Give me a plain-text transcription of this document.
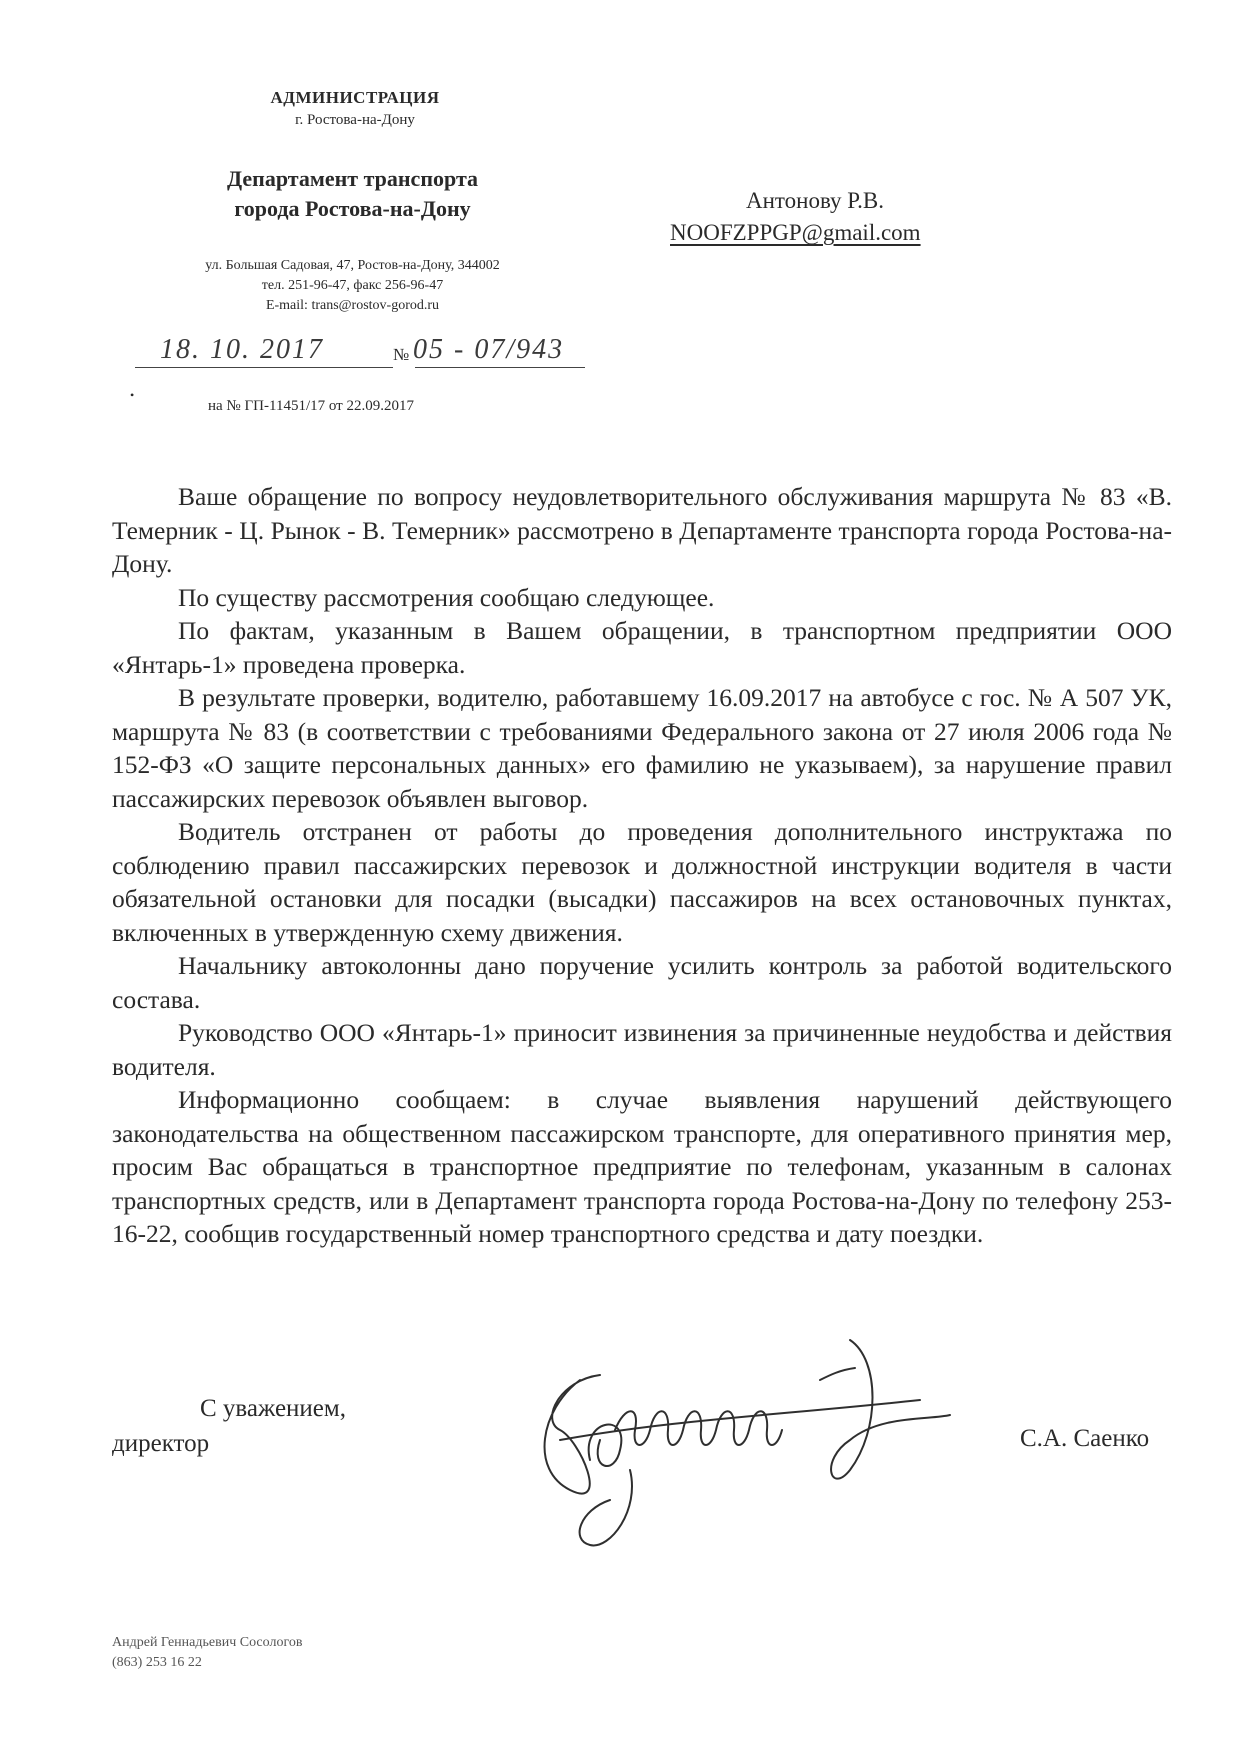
АДМИНИСТРАЦИЯ
г. Ростова-на-Дону
Департамент транспорта
города Ростова-на-Дону
ул. Большая Садовая, 47, Ростов-на-Дону, 344002
тел. 251-96-47, факс 256-96-47
E-mail: trans@rostov-gorod.ru
18. 10. 2017	№ 05 - 07/943
•
на № ГП-11451/17 от 22.09.2017
Антонову Р.В.
NOOFZPPGP@gmail.com

Ваше обращение по вопросу неудовлетворительного обслуживания маршрута № 83 «В. Темерник - Ц. Рынок - В. Темерник» рассмотрено в Департаменте транспорта города Ростова-на-Дону.

По существу рассмотрения сообщаю следующее.

По фактам, указанным в Вашем обращении, в транспортном предприятии ООО «Янтарь-1» проведена проверка.

В результате проверки, водителю, работавшему 16.09.2017 на автобусе с гос. № А 507 УК, маршрута № 83 (в соответствии с требованиями Федерального закона от 27 июля 2006 года № 152-ФЗ «О защите персональных данных» его фамилию не указываем), за нарушение правил пассажирских перевозок объявлен выговор.

Водитель отстранен от работы до проведения дополнительного инструктажа по соблюдению правил пассажирских перевозок и должностной инструкции водителя в части обязательной остановки для посадки (высадки) пассажиров на всех остановочных пунктах, включенных в утвержденную схему движения.

Начальнику автоколонны дано поручение усилить контроль за работой водительского состава.

Руководство ООО «Янтарь-1» приносит извинения за причиненные неудобства и действия водителя.

Информационно сообщаем: в случае выявления нарушений действующего законодательства на общественном пассажирском транспорте, для оперативного принятия мер, просим Вас обращаться в транспортное предприятие по телефонам, указанным в салонах транспортных средств, или в Департамент транспорта города Ростова-на-Дону по телефону 253-16-22, сообщив государственный номер транспортного средства и дату поездки.

С уважением,
директор	С.А. Саенко
Андрей Геннадьевич Сосологов
(863) 253 16 22
